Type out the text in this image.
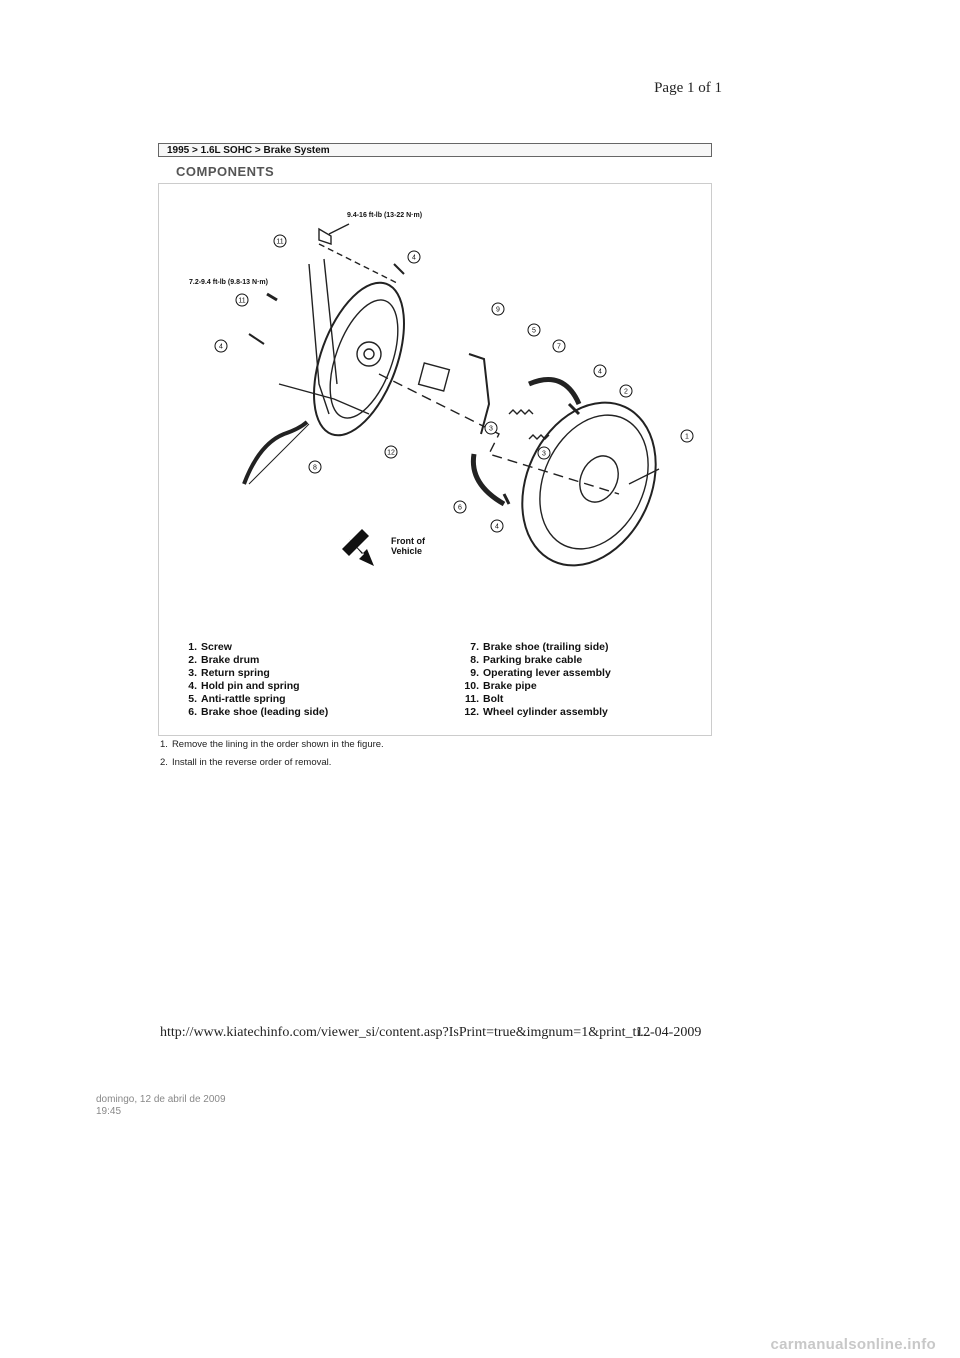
Page 1 of 1
1995 > 1.6L SOHC > Brake System
COMPONENTS
11
4
11
4
9
5
7
4
2
1
3
3
12
8
6
4
9.4-16 ft-lb (13-22 N·m)
7.2-9.4 ft-lb (9.8-13 N·m)
Front of
Vehicle
1. Screw
2. Brake drum
3. Return spring
4. Hold pin and spring
5. Anti-rattle spring
6. Brake shoe (leading side)
7. Brake shoe (trailing side)
8. Parking brake cable
9. Operating lever assembly
10. Brake pipe
11. Bolt
12. Wheel cylinder assembly
1. Remove the lining in the order shown in the figure.
2. Install in the reverse order of removal.
http://www.kiatechinfo.com/viewer_si/content.asp?IsPrint=true&imgnum=1&print_ti...
12-04-2009
domingo, 12 de abril de 2009
19:45
carmanualsonline.info
